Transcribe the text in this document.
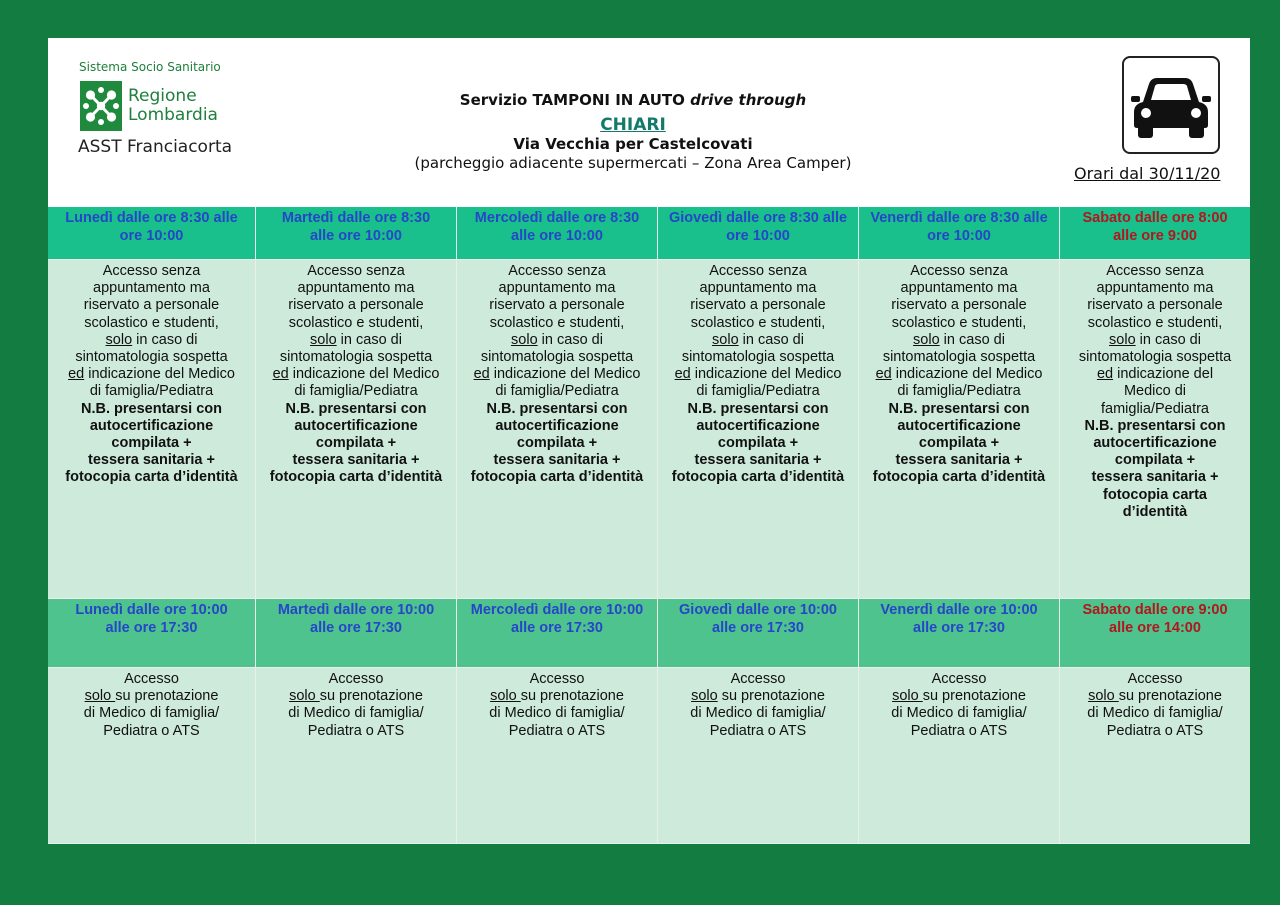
Sistema Socio Sanitario
Regione
Lombardia
ASST Franciacorta
Servizio TAMPONI IN AUTO drive through
CHIARI
Via Vecchia per Castelcovati
(parcheggio adiacente supermercati – Zona Area Camper)
Orari dal 30/11/20
Lunedì dalle ore 8:30 alle
ore 10:00
Martedì dalle ore 8:30
alle ore 10:00
Mercoledì dalle ore 8:30
alle ore 10:00
Giovedì dalle ore 8:30 alle
ore 10:00
Venerdì dalle ore 8:30 alle
ore 10:00
Sabato dalle ore 8:00
alle ore 9:00
Accesso senza
appuntamento ma
riservato a personale
scolastico e studenti,
solo in caso di
sintomatologia sospetta
ed indicazione del Medico
di famiglia/Pediatra
N.B. presentarsi con
autocertificazione
compilata +
tessera sanitaria +
fotocopia carta d’identità
Accesso senza
appuntamento ma
riservato a personale
scolastico e studenti,
solo in caso di
sintomatologia sospetta
ed indicazione del Medico
di famiglia/Pediatra
N.B. presentarsi con
autocertificazione
compilata +
tessera sanitaria +
fotocopia carta d’identità
Accesso senza
appuntamento ma
riservato a personale
scolastico e studenti,
solo in caso di
sintomatologia sospetta
ed indicazione del Medico
di famiglia/Pediatra
N.B. presentarsi con
autocertificazione
compilata +
tessera sanitaria +
fotocopia carta d’identità
Accesso senza
appuntamento ma
riservato a personale
scolastico e studenti,
solo in caso di
sintomatologia sospetta
ed indicazione del Medico
di famiglia/Pediatra
N.B. presentarsi con
autocertificazione
compilata +
tessera sanitaria +
fotocopia carta d’identità
Accesso senza
appuntamento ma
riservato a personale
scolastico e studenti,
solo in caso di
sintomatologia sospetta
ed indicazione del Medico
di famiglia/Pediatra
N.B. presentarsi con
autocertificazione
compilata +
tessera sanitaria +
fotocopia carta d’identità
Accesso senza
appuntamento ma
riservato a personale
scolastico e studenti,
solo in caso di
sintomatologia sospetta
ed indicazione del
Medico di
famiglia/Pediatra
N.B. presentarsi con
autocertificazione
compilata +
tessera sanitaria +
fotocopia carta
d’identità
Lunedì dalle ore 10:00
alle ore 17:30
Martedì dalle ore 10:00
alle ore 17:30
Mercoledì dalle ore 10:00
alle ore 17:30
Giovedì dalle ore 10:00
alle ore 17:30
Venerdì dalle ore 10:00
alle ore 17:30
Sabato dalle ore 9:00
alle ore 14:00
Accesso
solo su prenotazione
di Medico di famiglia/
Pediatra o ATS
Accesso
solo su prenotazione
di Medico di famiglia/
Pediatra o ATS
Accesso
solo su prenotazione
di Medico di famiglia/
Pediatra o ATS
Accesso
solo su prenotazione
di Medico di famiglia/
Pediatra o ATS
Accesso
solo su prenotazione
di Medico di famiglia/
Pediatra o ATS
Accesso
solo su prenotazione
di Medico di famiglia/
Pediatra o ATS
